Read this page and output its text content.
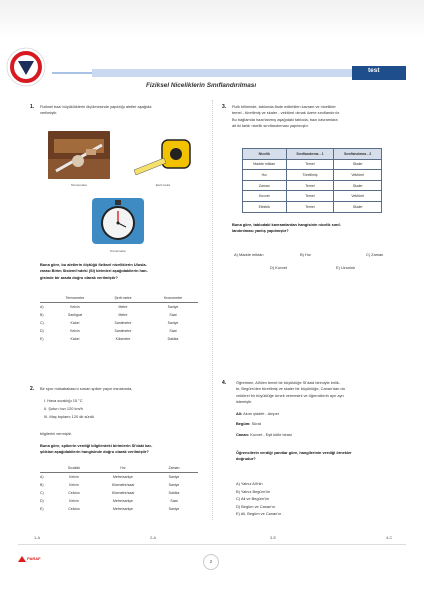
test
Fiziksel Niceliklerin Sınıflandırılması
1. Fiziksel bazı büyüklüklerin ölçülmesinde yapıldığı aletler aşağıda
verilmiştir.
Termometre	Şerit metre
Kronometre
Buna göre, bu aletlerin ölçtüğü fiziksel niceliklerin Ulusla-
rarası Birim Sistemi'ndeki (SI) birimleri aşağıdakilerin han-
gisinde bir arada doğru olarak verilmiştir?
	Termometre	Şerit metre	Kronometre
A)	Kelvin	Metre	Saniye
B)	Santigrat	Metre	Saat
C)	Kalori	Santimetre	Saniye
D)	Kelvin	Santimetre	Saat
E)	Kalori	Kilometre	Dakika
2. Bir spor müsabakasını sunan spiker yayın esnasında,
I. Hava sıcaklığı 15 °C
II. Şutun hızı 120 km/h
III. Maç toplamı 120 dk sürdü
bilgilerini vermiştir.
Buna göre, spikerin verdiği bilgilerdeki birimlerin SI'daki kar-
şılıkları aşağıdakilerin hangisinde doğru olarak verilmiştir?
	Sıcaklık	Hız	Zaman
A)	Kelvin	Metre/saniye	Saniye
B)	Kelvin	Kilometre/saat	Saniye
C)	Celcius	Kilometre/saat	Dakika
D)	Kelvin	Metre/saniye	Saat
E)	Celcius	Metre/saniye	Saniye
3. Fizik biliminde, tablonda ifade edilebilen kavram ve nicelikler
temel - türetilmiş ve skaler - vektörel olmak üzere sınıflandırılır.
Bu bağlamda hazırlanmış aşağıdaki tabloda, bazı kavramlara
ait iki farklı nicelik sınıflandırması yapılmıştır.
Nicelik	Sınıflandırma - 1	Sınıflandırma - 2
Madde miktarı	Temel	Skaler
Hız	Türetilmiş	Vektörel
Zaman	Temel	Skaler
Kuvvet	Temel	Vektörel
Elektrik	Temel	Skaler
Buna göre, tablodaki kavramlardan hangisinin nicelik sınıf-
landırılması yanlış yapılmıştır?
A) Madde miktarı	B) Hız	C) Zaman
D) Kuvvet	E) Uzunluk
4.	Öğretmen, Ali'den temel bir büyüklüğe SI'daki birimiyle birlik-
te, Begüm'den türetilmiş ve skaler bir büyüklüğe, Canan'dan da
vektörel bir büyüklüğe örnek vermesini ve öğrencilerin ayrı ayrı
istemiştir.
Ali: Akım şiddeti - Amper
Begüm: Sürat
Canan: Kuvvet - Eşit kütle birasi
Öğrencilerin verdiği yanıtlar göre, hangilerinin verdiği örnekler
doğrudur?
A) Yalnız Ali'nin
B) Yalnız Begüm'ün
C) Ali ve Begüm'ün
D) Begüm ve Canan'ın
E) Ali, Begüm ve Canan'ın
1-A	2-A	3-E	4-C
PARAF
2
